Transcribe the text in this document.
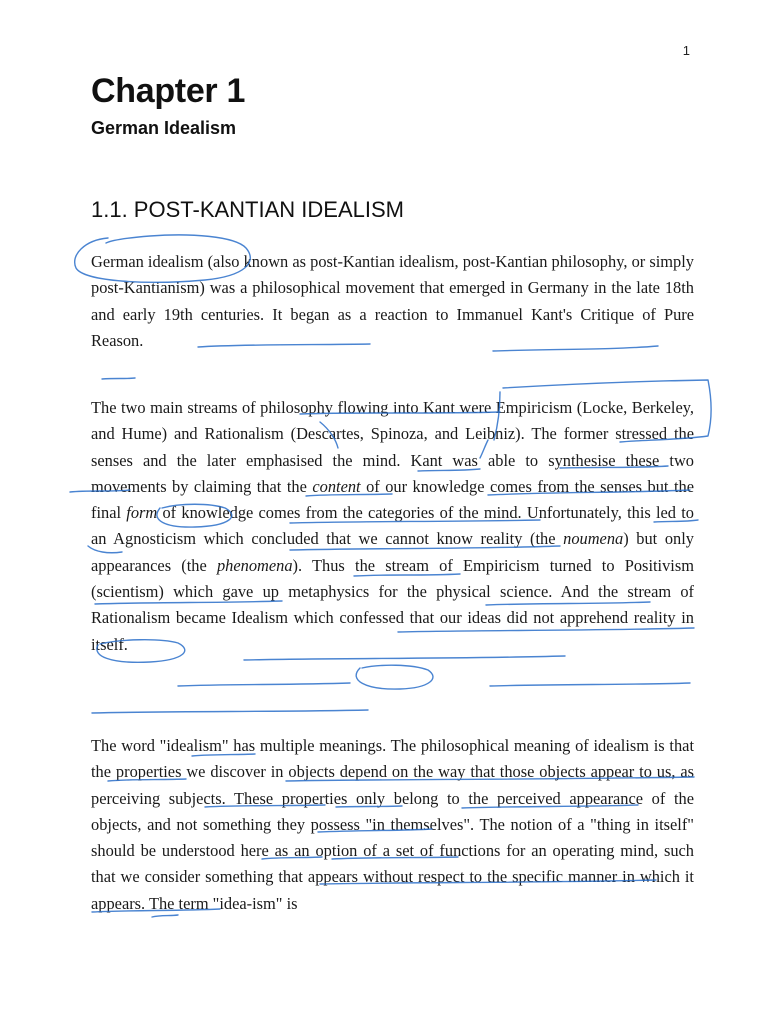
1
Chapter 1
German Idealism
1.1. POST-KANTIAN IDEALISM

German idealism (also known as post-Kantian idealism, post-Kantian philosophy, or simply post-Kantianism) was a philosophical movement that emerged in Germany in the late 18th and early 19th centuries. It began as a reaction to Immanuel Kant's Critique of Pure Reason.

The two main streams of philosophy flowing into Kant were Empiricism (Locke, Berkeley, and Hume) and Rationalism (Descartes, Spinoza, and Leibniz). The former stressed the senses and the later emphasised the mind. Kant was able to synthesise these two movements by claiming that the content of our knowledge comes from the senses but the final form of knowledge comes from the categories of the mind. Unfortunately, this led to an Agnosticism which concluded that we cannot know reality (the noumena) but only appearances (the phenomena). Thus the stream of Empiricism turned to Positivism (scientism) which gave up metaphysics for the physical science. And the stream of Rationalism became Idealism which confessed that our ideas did not apprehend reality in itself.

The word "idealism" has multiple meanings. The philosophical meaning of idealism is that the properties we discover in objects depend on the way that those objects appear to us, as perceiving subjects. These properties only belong to the perceived appearance of the objects, and not something they possess "in themselves". The notion of a "thing in itself" should be understood here as an option of a set of functions for an operating mind, such that we consider something that appears without respect to the specific manner in which it appears. The term "idea-ism" is
